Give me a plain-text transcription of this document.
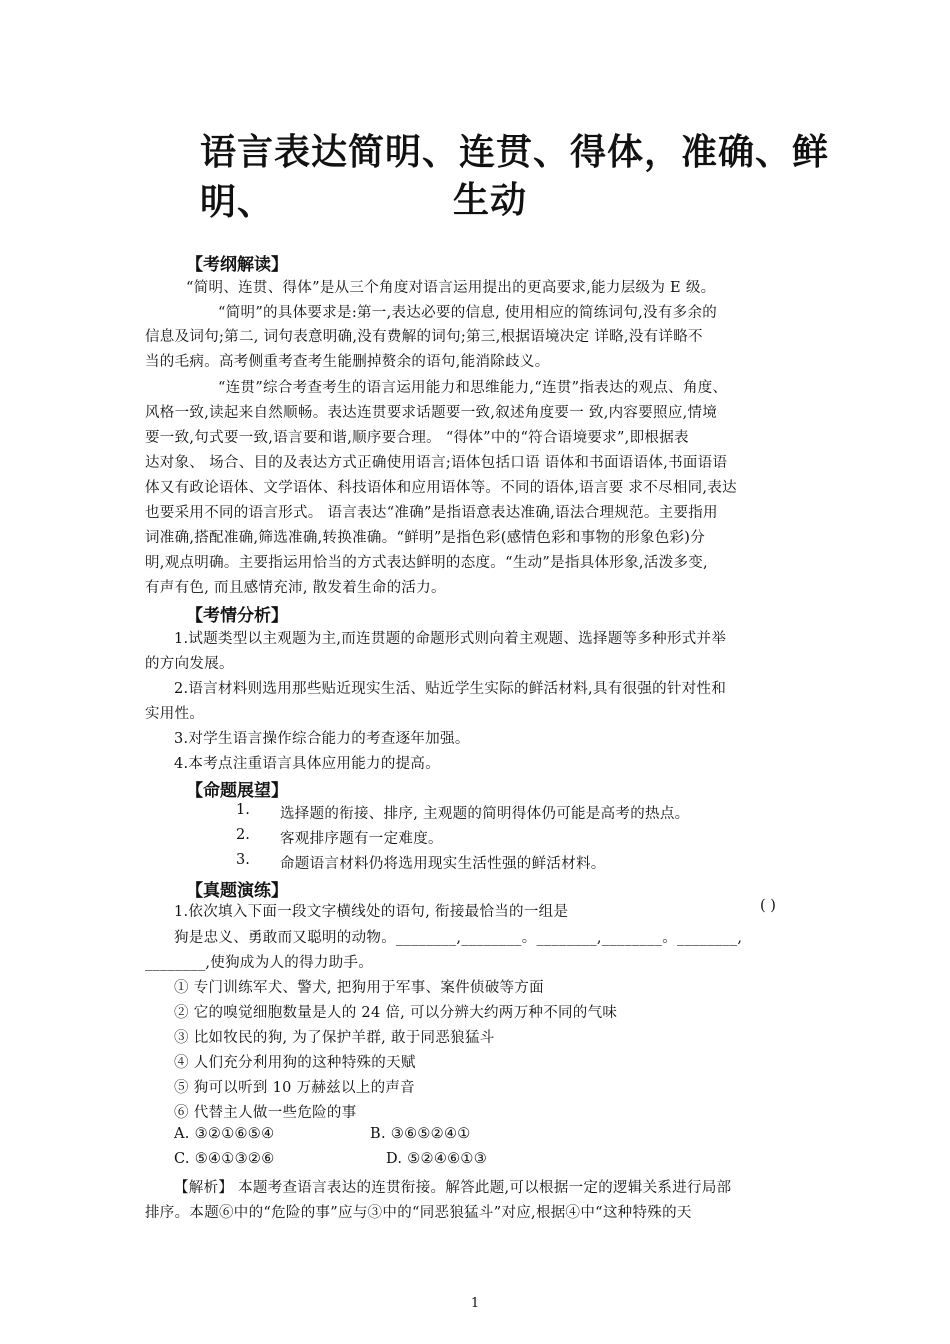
语言表达简明、连贯、得体，准确、鲜明、	生动
【考纲解读】
“简明、连贯、得体”是从三个角度对语言运用提出的更高要求,能力层级为 E 级。
“简明”的具体要求是:第一,表达必要的信息, 使用相应的简练词句,没有多余的
信息及词句;第二, 词句表意明确,没有费解的词句;第三,根据语境决定 详略,没有详略不
当的毛病。高考侧重考查考生能删掉赘余的语句,能消除歧义。
“连贯”综合考查考生的语言运用能力和思维能力,“连贯”指表达的观点、角度、
风格一致,读起来自然顺畅。表达连贯要求话题要一致,叙述角度要一 致,内容要照应,情境
要一致,句式要一致,语言要和谐,顺序要合理。 “得体”中的“符合语境要求”,即根据表
达对象、 场合、目的及表达方式正确使用语言;语体包括口语 语体和书面语语体,书面语语
体又有政论语体、文学语体、科技语体和应用语体等。不同的语体,语言要 求不尽相同,表达
也要采用不同的语言形式。 语言表达“准确”是指语意表达准确,语法合理规范。主要指用
词准确,搭配准确,筛选准确,转换准确。“鲜明”是指色彩(感情色彩和事物的形象色彩)分
明,观点明确。主要指运用恰当的方式表达鲜明的态度。“生动”是指具体形象,活泼多变,
有声有色, 而且感情充沛, 散发着生命的活力。
【考情分析】
1.试题类型以主观题为主,而连贯题的命题形式则向着主观题、选择题等多种形式并举
的方向发展。
2.语言材料则选用那些贴近现实生活、贴近学生实际的鲜活材料,具有很强的针对性和
实用性。
3.对学生语言操作综合能力的考查逐年加强。
4.本考点注重语言具体应用能力的提高。
【命题展望】
1. 选择题的衔接、排序, 主观题的简明得体仍可能是高考的热点。
2. 客观排序题有一定难度。
3. 命题语言材料仍将选用现实生活性强的鲜活材料。
【真题演练】
1.依次填入下面一段文字横线处的语句, 衔接最恰当的一组是	( )
狗是忠义、勇敢而又聪明的动物。________,________。________,________。________,
________,使狗成为人的得力助手。
① 专门训练军犬、警犬, 把狗用于军事、案件侦破等方面
② 它的嗅觉细胞数量是人的 24 倍, 可以分辨大约两万种不同的气味
③ 比如牧民的狗, 为了保护羊群, 敢于同恶狼猛斗
④ 人们充分利用狗的这种特殊的天赋
⑤ 狗可以听到 10 万赫兹以上的声音
⑥ 代替主人做一些危险的事
A. ③②①⑥⑤④	B. ③⑥⑤②④①
C. ⑤④①③②⑥	D. ⑤②④⑥①③
【解析】 本题考查语言表达的连贯衔接。解答此题,可以根据一定的逻辑关系进行局部
排序。本题⑥中的“危险的事”应与③中的“同恶狼猛斗”对应,根据④中“这种特殊的天
1
